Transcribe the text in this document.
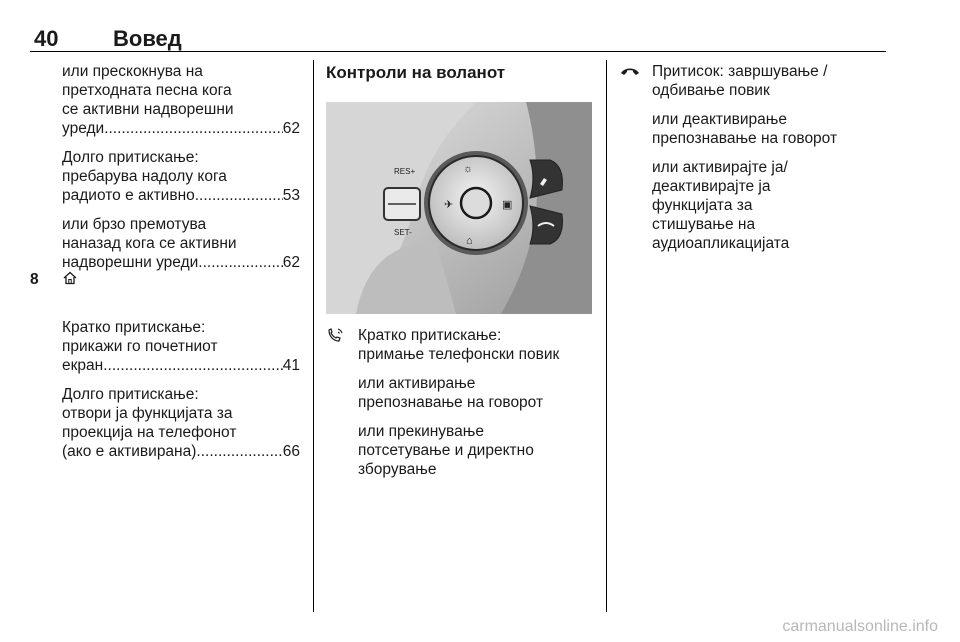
40 Вовед
или прескокнува на
претходната песна кога
се активни надворешни
уреди .....	62
Долго притискање:
пребарува надолу кога
радиото е активно .....	53
или брзо премотува
наназад кога се активни
надворешни уреди .....	62
Кратко притискање:
прикажи го почетниот
екран .....	41
Долго притискање:
отвори ја функцијата за
проекција на телефонот
(ако е активирана) .....	66
8
Контроли на воланот
☼
✈	▣
⌂
RES+
SET-
Кратко притискање:
примање телефонски повик
или активирање
препознавање на говорот
или прекинување
потсетување и директно
зборување
Притисок: завршување /
одбивање повик
или деактивирање
препознавање на говорот
или активирајте ја/
деактивирајте ја
функцијата за
стишување на
аудиоапликацијата
carmanualsonline.info
